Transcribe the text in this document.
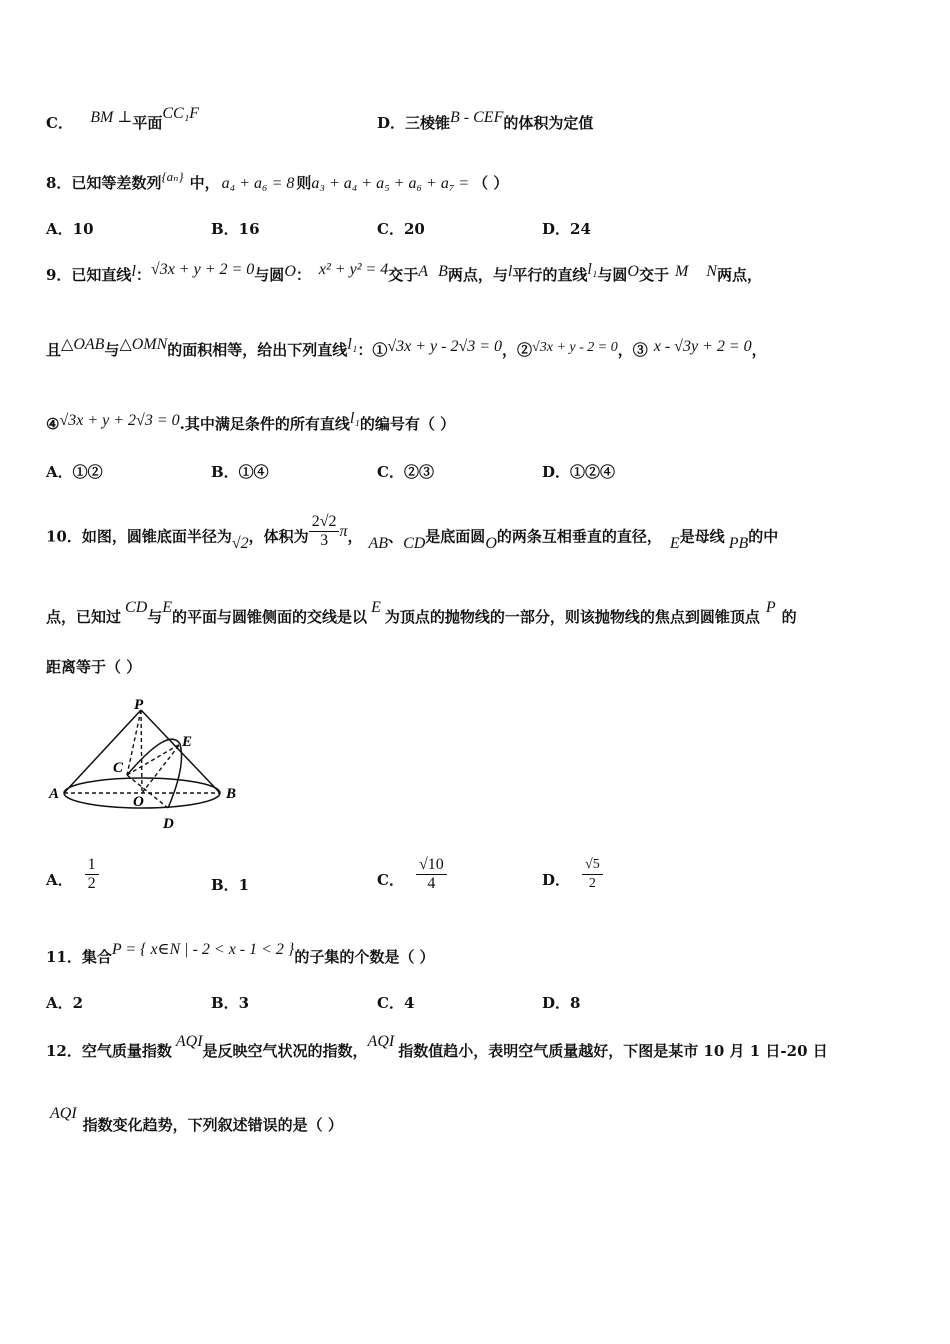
C． BM ⊥平面CC₁F
D．三棱锥B - CEF的体积为定值
8．已知等差数列{aₙ} 中， a₄ + a₆ = 8 则a₃ + a₄ + a₅ + a₆ + a₇ = （ ）
A．10	B．16	C．20	D．24
9．已知直线l：√3x + y + 2 = 0与圆O： x² + y² = 4交于A B两点，与l平行的直线l₁与圆O交于 M N两点，
且△OAB与△OMN的面积相等，给出下列直线l₁：①√3x + y - 2√3 = 0，②√3x + y - 2 = 0，③ x - √3y + 2 = 0，
④√3x + y + 2√3 = 0.其中满足条件的所有直线l₁的编号有（ ）
A．①②	B．①④	C．②③	D．①②④
10．如图，圆锥底面半径为√2，体积为 $\frac{2√2}{3}$ π， AB、CD是底面圆O的两条互相垂直的直径， E是母线 PB的中
点，已知过CD与E的平面与圆锥侧面的交线是以E为顶点的抛物线的一部分，则该抛物线的焦点到圆锥顶点P的
距离等于（ ）
P
E
C
A	O	B
D
A． $\frac{1}{2}$	B．1	C． $\frac{√10}{4}$	D． $\frac{√5}{2}$
11．集合P = { x∈N | - 2 < x - 1 < 2 }的子集的个数是（ ）
A．2	B．3	C．4	D．8
12．空气质量指数AQI是反映空气状况的指数，AQI指数值趋小，表明空气质量越好，下图是某市 10 月 1 日-20 日
AQI指数变化趋势，下列叙述错误的是（ ）
